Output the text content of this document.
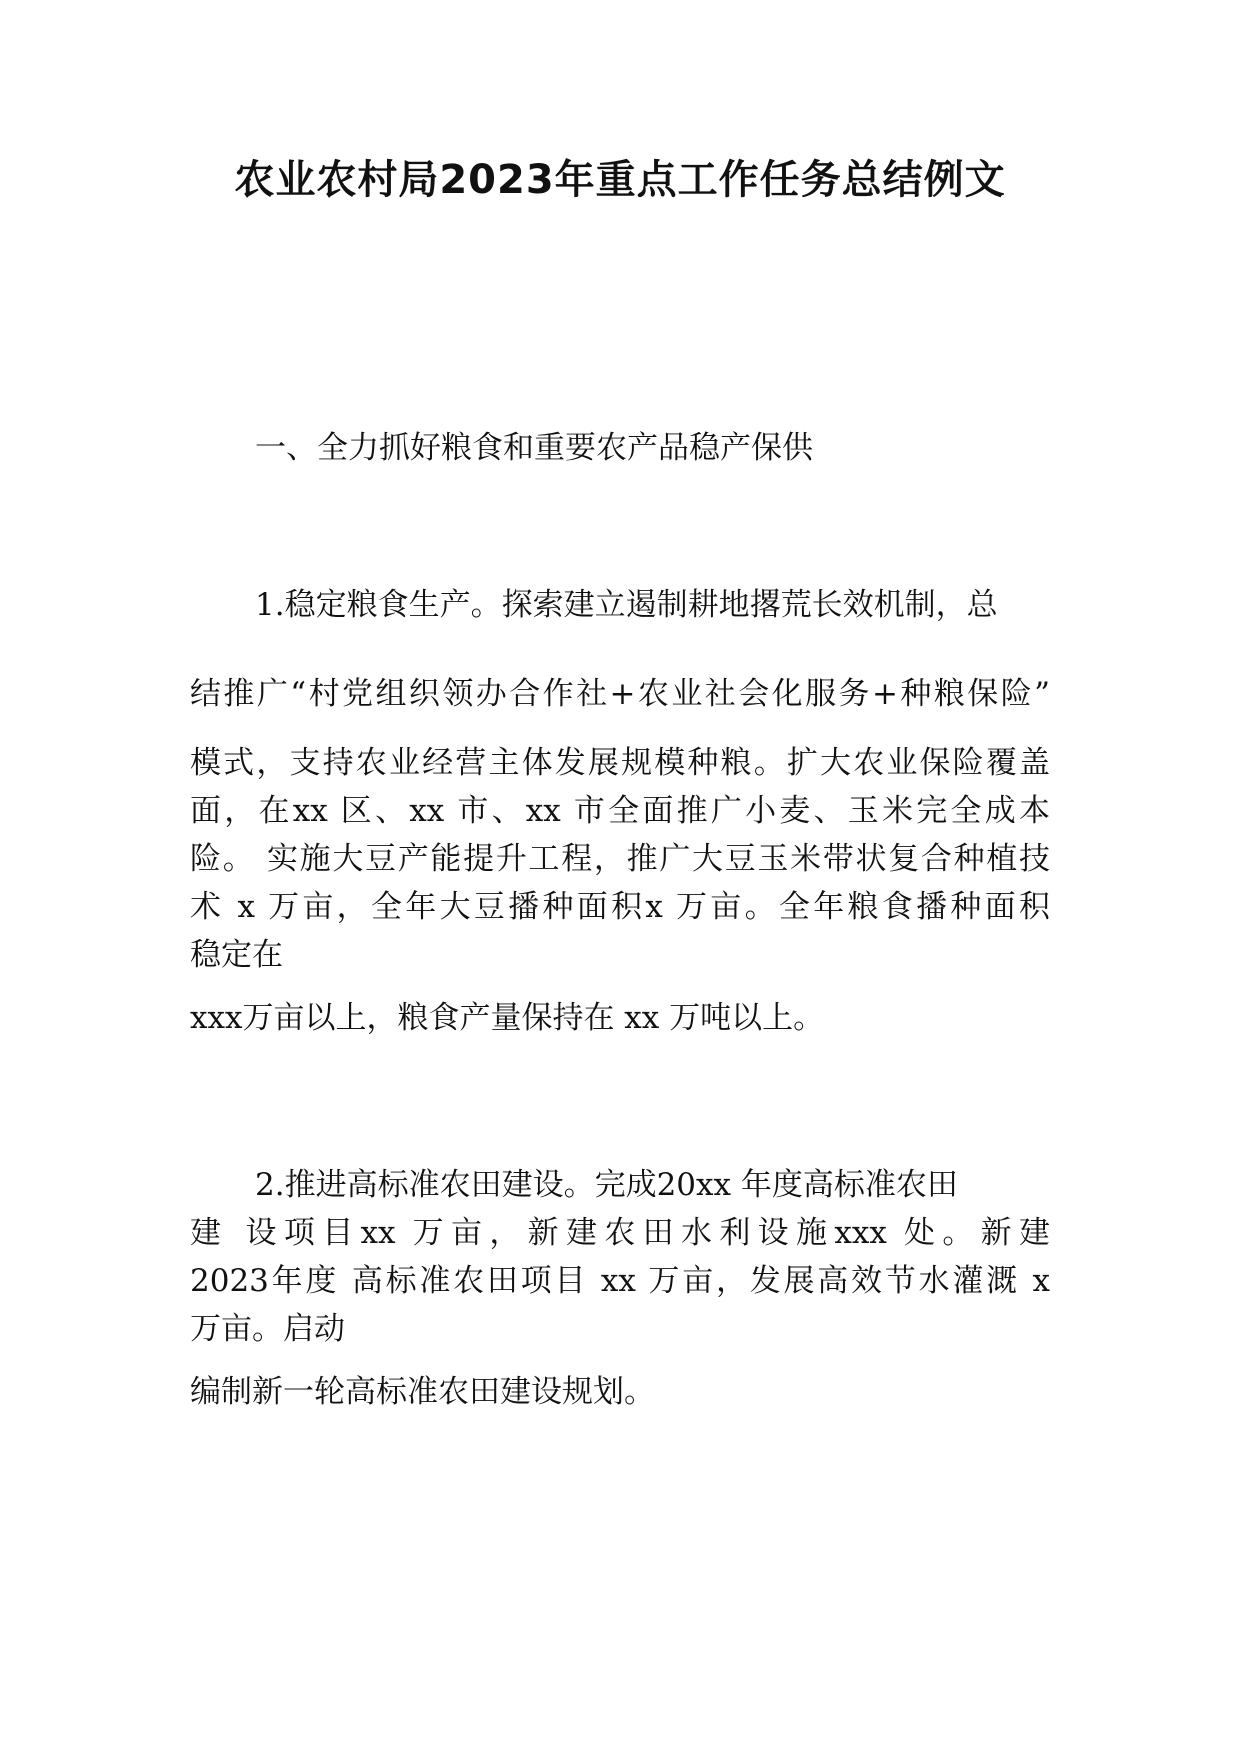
农业农村局2023年重点工作任务总结例文
一、全力抓好粮食和重要农产品稳产保供
1.稳定粮食生产。探索建立遏制耕地撂荒长效机制，总
结推广“村党组织领办合作社+农业社会化服务+种粮保险”
模式，支持农业经营主体发展规模种粮。扩大农业保险覆盖
面，在xx 区、xx 市、xx 市全面推广小麦、玉米完全成本
险。 实施大豆产能提升工程，推广大豆玉米带状复合种植技
术 x 万亩，全年大豆播种面积x 万亩。全年粮食播种面积
稳定在
xxx万亩以上，粮食产量保持在 xx 万吨以上。
2.推进高标准农田建设。完成20xx 年度高标准农田
建 设项目xx 万亩，新建农田水利设施xxx 处。新建
2023年度 高标准农田项目 xx 万亩，发展高效节水灌溉 x
万亩。启动
编制新一轮高标准农田建设规划。
